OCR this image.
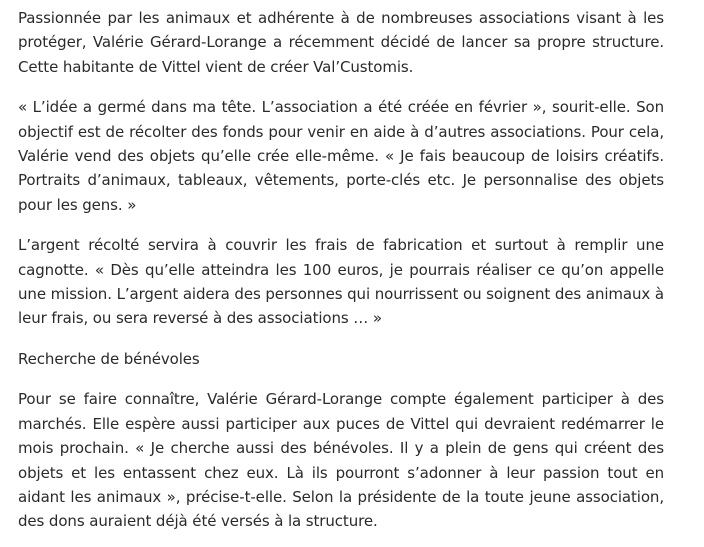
Passionnée par les animaux et adhérente à de nombreuses associations visant à les protéger, Valérie Gérard-Lorange a récemment décidé de lancer sa propre structure. Cette habitante de Vittel vient de créer Val’Customis.

« L’idée a germé dans ma tête. L’association a été créée en février », sourit-elle. Son objectif est de récolter des fonds pour venir en aide à d’autres associations. Pour cela, Valérie vend des objets qu’elle crée elle-même. « Je fais beaucoup de loisirs créatifs. Portraits d’animaux, tableaux, vêtements, porte-clés etc. Je personnalise des objets pour les gens. »

L’argent récolté servira à couvrir les frais de fabrication et surtout à remplir une cagnotte. « Dès qu’elle atteindra les 100 euros, je pourrais réaliser ce qu’on appelle une mission. L’argent aidera des personnes qui nourrissent ou soignent des animaux à leur frais, ou sera reversé à des associations … »

Recherche de bénévoles

Pour se faire connaître, Valérie Gérard-Lorange compte également participer à des marchés. Elle espère aussi participer aux puces de Vittel qui devraient redémarrer le mois prochain. « Je cherche aussi des bénévoles. Il y a plein de gens qui créent des objets et les entassent chez eux. Là ils pourront s’adonner à leur passion tout en aidant les animaux », précise-t-elle. Selon la présidente de la toute jeune association, des dons auraient déjà été versés à la structure.
